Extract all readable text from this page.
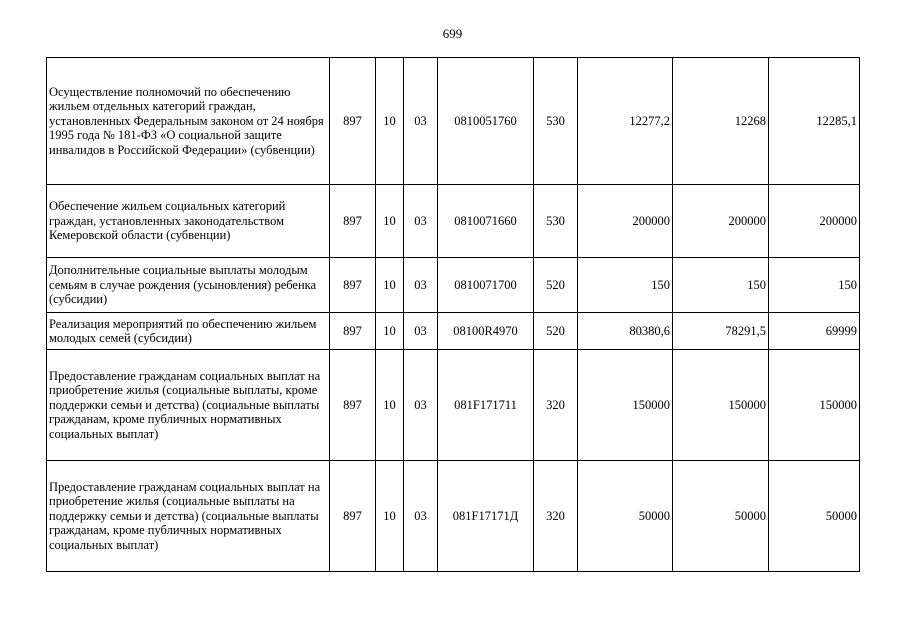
699
Осуществление полномочий по обеспечению жильем отдельных категорий граждан, установленных Федеральным законом от 24 ноября 1995 года № 181-ФЗ «О социальной защите инвалидов в Российской Федерации» (субвенции)	897	10	03	0810051760	530	12277,2	12268	12285,1
Обеспечение жильем социальных категорий граждан, установленных законодательством Кемеровской области (субвенции)	897	10	03	0810071660	530	200000	200000	200000
Дополнительные социальные выплаты молодым семьям в случае рождения (усыновления) ребенка (субсидии)	897	10	03	0810071700	520	150	150	150
Реализация мероприятий по обеспечению жильем молодых семей (субсидии)	897	10	03	08100R4970	520	80380,6	78291,5	69999
Предоставление гражданам социальных выплат на приобретение жилья (социальные выплаты, кроме поддержки семьи и детства) (социальные выплаты гражданам, кроме публичных нормативных социальных выплат)	897	10	03	081F171711	320	150000	150000	150000
Предоставление гражданам социальных выплат на приобретение жилья (социальные выплаты на поддержку семьи и детства) (социальные выплаты гражданам, кроме публичных нормативных социальных выплат)	897	10	03	081F17171Д	320	50000	50000	50000
